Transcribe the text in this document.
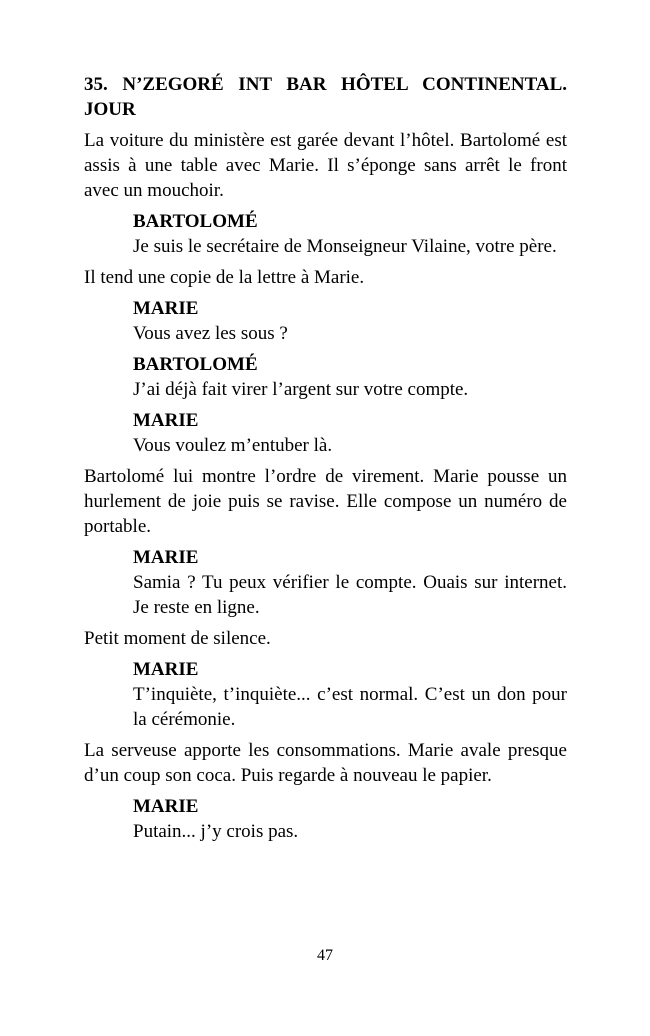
35. N’ZEGORÉ INT BAR HÔTEL CONTINENTAL. JOUR
La voiture du ministère est garée devant l’hôtel. Bartolomé est assis à une table avec Marie. Il s’éponge sans arrêt le front avec un mouchoir.
BARTOLOMÉ
Je suis le secrétaire de Monseigneur Vilaine, votre père.
Il tend une copie de la lettre à Marie.
MARIE
Vous avez les sous ?
BARTOLOMÉ
J’ai déjà fait virer l’argent sur votre compte.
MARIE
Vous voulez m’entuber là.
Bartolomé lui montre l’ordre de virement. Marie pousse un hurlement de joie puis se ravise. Elle compose un numéro de portable.
MARIE
Samia ? Tu peux vérifier le compte. Ouais sur internet. Je reste en ligne.
Petit moment de silence.
MARIE
T’inquiète, t’inquiète... c’est normal. C’est un don pour la cérémonie.
La serveuse apporte les consommations. Marie avale presque d’un coup son coca. Puis regarde à nouveau le papier.
MARIE
Putain... j’y crois pas.
47
